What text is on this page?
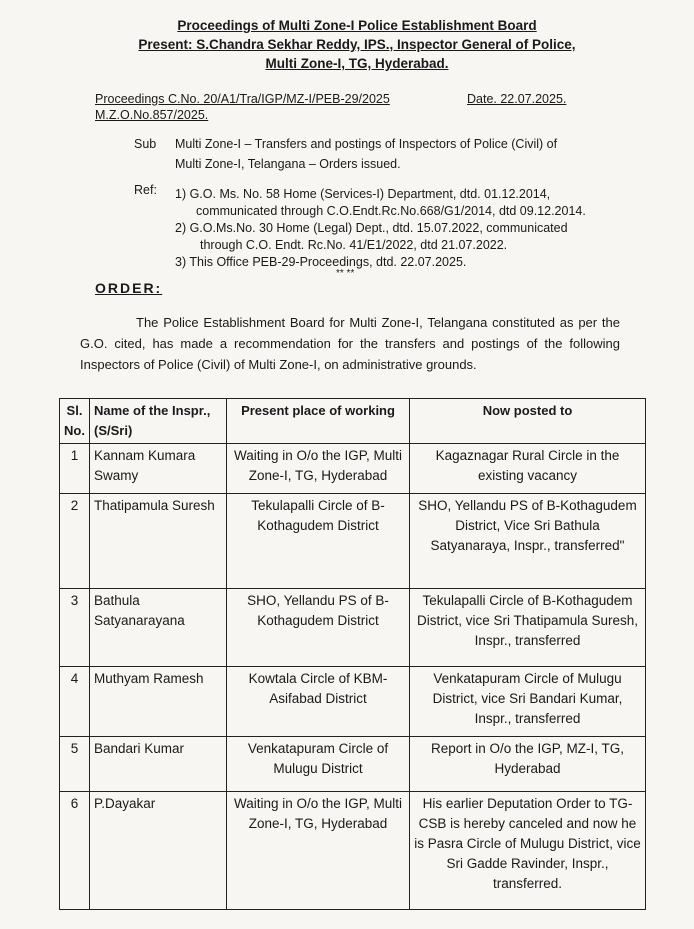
Proceedings of Multi Zone-I Police Establishment Board
Present: S.Chandra Sekhar Reddy, IPS., Inspector General of Police,
Multi Zone-I, TG, Hyderabad.
Proceedings C.No. 20/A1/Tra/IGP/MZ-I/PEB-29/2025
M.Z.O.No.857/2025.
Date. 22.07.2025.
Sub Multi Zone-I – Transfers and postings of Inspectors of Police (Civil) of
Multi Zone-I, Telangana – Orders issued.
Ref: 1) G.O. Ms. No. 58 Home (Services-I) Department, dtd. 01.12.2014,
communicated through C.O.Endt.Rc.No.668/G1/2014, dtd 09.12.2014.
2) G.O.Ms.No. 30 Home (Legal) Dept., dtd. 15.07.2022, communicated
through C.O. Endt. Rc.No. 41/E1/2022, dtd 21.07.2022.
3) This Office PEB-29-Proceedings, dtd. 22.07.2025.
** **
ORDER:
The Police Establishment Board for Multi Zone-I, Telangana constituted as per the G.O. cited, has made a recommendation for the transfers and postings of the following Inspectors of Police (Civil) of Multi Zone-I, on administrative grounds.
Sl. No.	Name of the Inspr., (S/Sri)	Present place of working	Now posted to
1	Kannam Kumara Swamy	Waiting in O/o the IGP, Multi Zone-I, TG, Hyderabad	Kagaznagar Rural Circle in the existing vacancy
2	Thatipamula Suresh	Tekulapalli Circle of B-Kothagudem District	SHO, Yellandu PS of B-Kothagudem District, Vice Sri Bathula Satyanaraya, Inspr., transferred"
3	Bathula Satyanarayana	SHO, Yellandu PS of B-Kothagudem District	Tekulapalli Circle of B-Kothagudem District, vice Sri Thatipamula Suresh, Inspr., transferred
4	Muthyam Ramesh	Kowtala Circle of KBM-Asifabad District	Venkatapuram Circle of Mulugu District, vice Sri Bandari Kumar, Inspr., transferred
5	Bandari Kumar	Venkatapuram Circle of Mulugu District	Report in O/o the IGP, MZ-I, TG, Hyderabad
6	P.Dayakar	Waiting in O/o the IGP, Multi Zone-I, TG, Hyderabad	His earlier Deputation Order to TG-CSB is hereby canceled and now he is Pasra Circle of Mulugu District, vice Sri Gadde Ravinder, Inspr., transferred.
